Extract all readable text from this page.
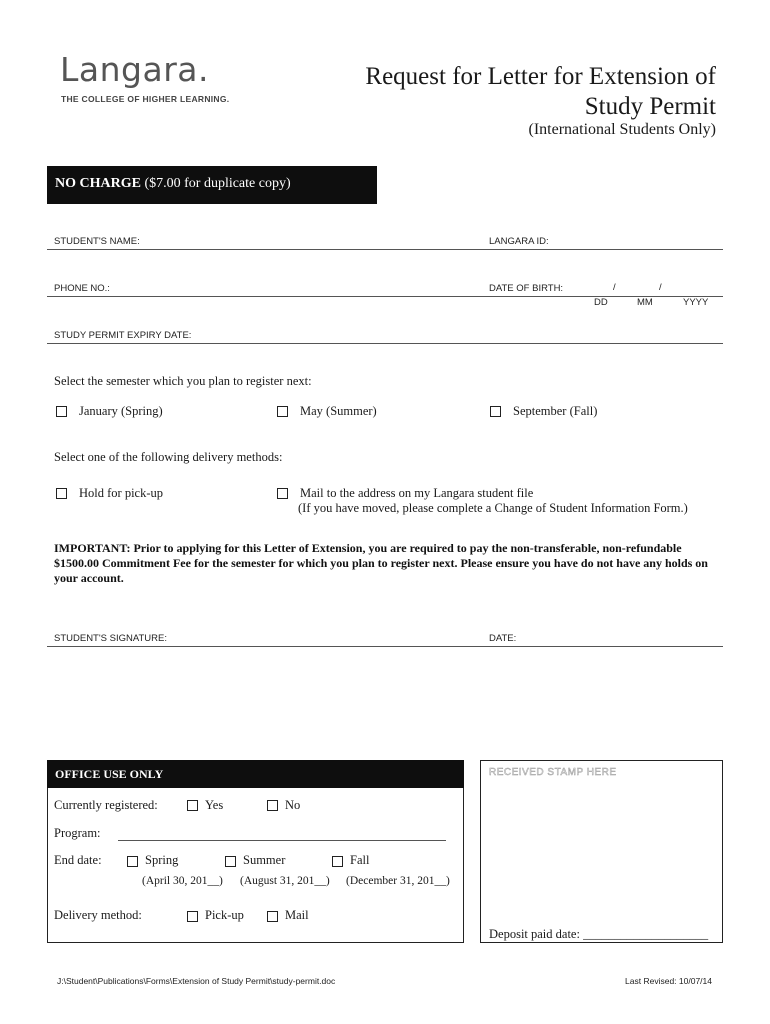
Langara.
THE COLLEGE OF HIGHER LEARNING.
Request for Letter for Extension of
Study Permit
(International Students Only)
NO CHARGE ($7.00 for duplicate copy)
STUDENT'S NAME:	LANGARA ID:
PHONE NO.:	DATE OF BIRTH:	/	/
DD	MM	YYYY
STUDY PERMIT EXPIRY DATE:
Select the semester which you plan to register next:
January (Spring)	May (Summer)	September (Fall)
Select one of the following delivery methods:
Hold for pick-up	Mail to the address on my Langara student file
(If you have moved, please complete a Change of Student Information Form.)
IMPORTANT: Prior to applying for this Letter of Extension, you are required to pay the non-transferable, non-refundable $1500.00 Commitment Fee for the semester for which you plan to register next. Please ensure you have do not have any holds on your account.
STUDENT'S SIGNATURE:	DATE:
OFFICE USE ONLY
Currently registered:	Yes	No
Program:
End date:	Spring	Summer	Fall
(April 30, 201__) (August 31, 201__) (December 31, 201__)
Delivery method:	Pick-up	Mail
RECEIVED STAMP HERE
Deposit paid date: ____________________
J:\Student\Publications\Forms\Extension of Study Permit\study-permit.doc	Last Revised: 10/07/14
